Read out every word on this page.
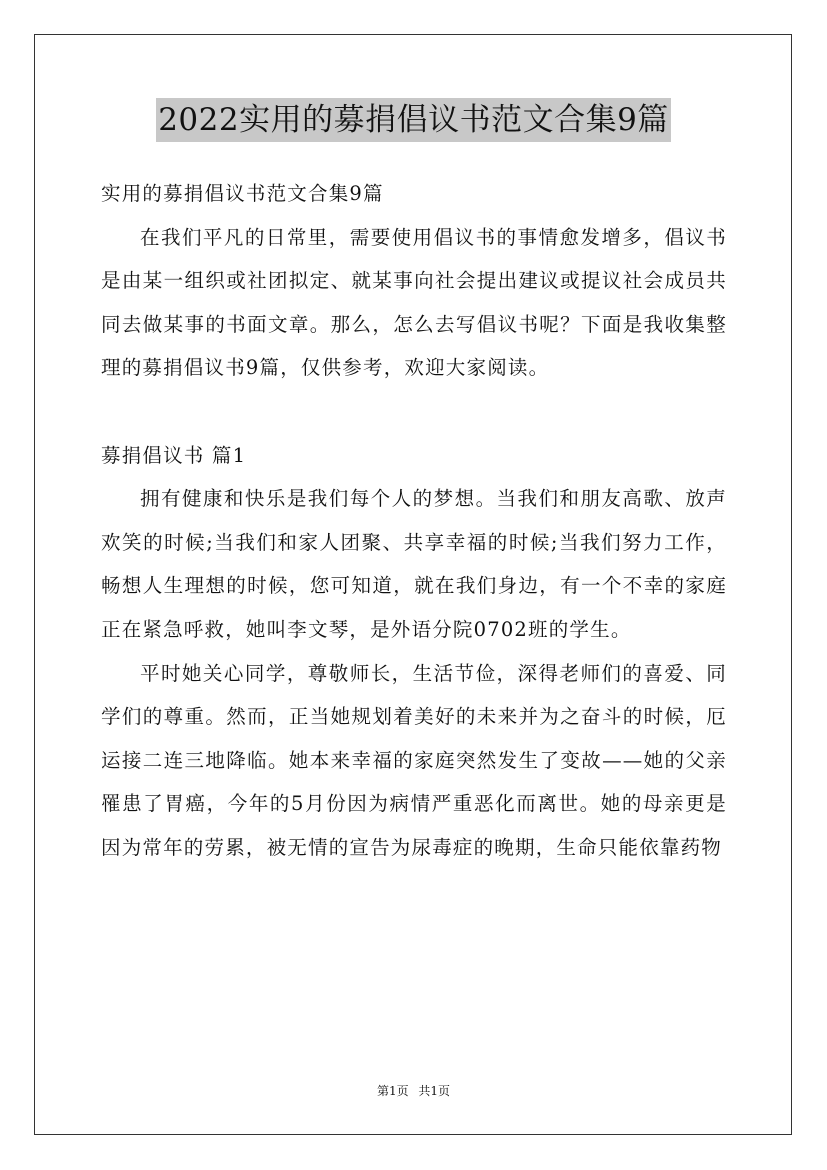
2022实用的募捐倡议书范文合集9篇

实用的募捐倡议书范文合集9篇

在我们平凡的日常里，需要使用倡议书的事情愈发增多，倡议书是由某一组织或社团拟定、就某事向社会提出建议或提议社会成员共同去做某事的书面文章。那么，怎么去写倡议书呢？下面是我收集整理的募捐倡议书9篇，仅供参考，欢迎大家阅读。

募捐倡议书 篇1

拥有健康和快乐是我们每个人的梦想。当我们和朋友高歌、放声欢笑的时候;当我们和家人团聚、共享幸福的时候;当我们努力工作，畅想人生理想的时候，您可知道，就在我们身边，有一个不幸的家庭正在紧急呼救，她叫李文琴，是外语分院0702班的学生。

平时她关心同学，尊敬师长，生活节俭，深得老师们的喜爱、同学们的尊重。然而，正当她规划着美好的未来并为之奋斗的时候，厄运接二连三地降临。她本来幸福的家庭突然发生了变故——她的父亲罹患了胃癌，今年的5月份因为病情严重恶化而离世。她的母亲更是因为常年的劳累，被无情的宣告为尿毒症的晚期，生命只能依靠药物

第1页 共1页
